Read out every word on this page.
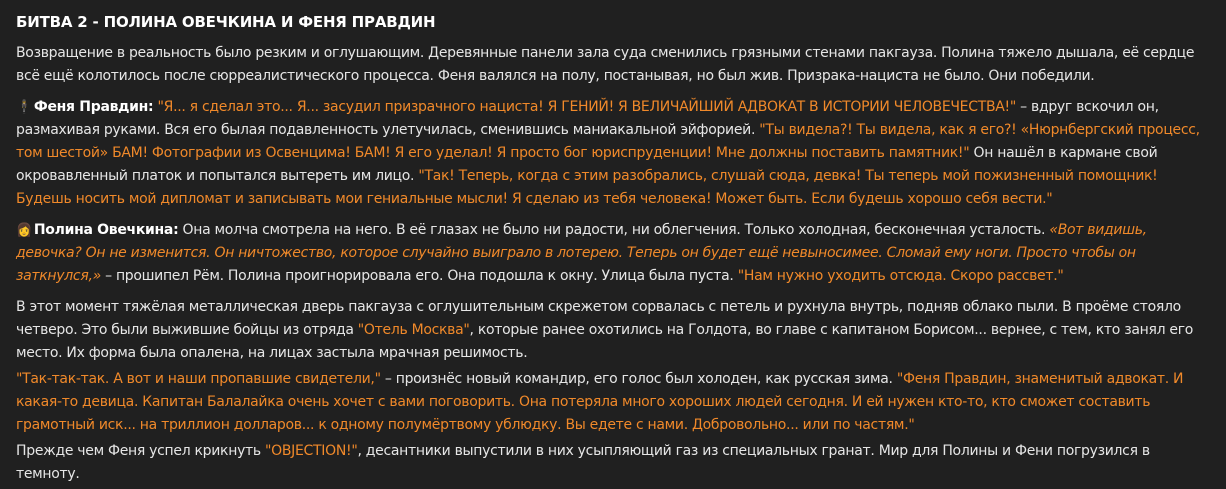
БИТВА 2 - ПОЛИНА ОВЕЧКИНА И ФЕНЯ ПРАВДИН

Возвращение в реальность было резким и оглушающим. Деревянные панели зала суда сменились грязными стенами пакгауза. Полина тяжело дышала, её сердце всё ещё колотилось после сюрреалистического процесса. Феня валялся на полу, постанывая, но был жив. Призрака-нациста не было. Они победили.

🕴 Феня Правдин: "Я... я сделал это... Я... засудил призрачного нациста! Я ГЕНИЙ! Я ВЕЛИЧАЙШИЙ АДВОКАТ В ИСТОРИИ ЧЕЛОВЕЧЕСТВА!" – вдруг вскочил он, размахивая руками. Вся его былая подавленность улетучилась, сменившись маниакальной эйфорией. "Ты видела?! Ты видела, как я его?! «Нюрнбергский процесс, том шестой» БАМ! Фотографии из Освенцима! БАМ! Я его уделал! Я просто бог юриспруденции! Мне должны поставить памятник!" Он нашёл в кармане свой окровавленный платок и попытался вытереть им лицо. "Так! Теперь, когда с этим разобрались, слушай сюда, девка! Ты теперь мой пожизненный помощник! Будешь носить мой дипломат и записывать мои гениальные мысли! Я сделаю из тебя человека! Может быть. Если будешь хорошо себя вести."

👩 Полина Овечкина: Она молча смотрела на него. В её глазах не было ни радости, ни облегчения. Только холодная, бесконечная усталость. «Вот видишь, девочка? Он не изменится. Он ничтожество, которое случайно выиграло в лотерею. Теперь он будет ещё невыносимее. Сломай ему ноги. Просто чтобы он заткнулся,» – прошипел Рём. Полина проигнорировала его. Она подошла к окну. Улица была пуста. "Нам нужно уходить отсюда. Скоро рассвет."

В этот момент тяжёлая металлическая дверь пакгауза с оглушительным скрежетом сорвалась с петель и рухнула внутрь, подняв облако пыли. В проёме стояло четверо. Это были выжившие бойцы из отряда "Отель Москва", которые ранее охотились на Голдота, во главе с капитаном Борисом... вернее, с тем, кто занял его место. Их форма была опалена, на лицах застыла мрачная решимость.

"Так-так-так. А вот и наши пропавшие свидетели," – произнёс новый командир, его голос был холоден, как русская зима. "Феня Правдин, знаменитый адвокат. И какая-то девица. Капитан Балалайка очень хочет с вами поговорить. Она потеряла много хороших людей сегодня. И ей нужен кто-то, кто сможет составить грамотный иск... на триллион долларов... к одному полумёртвому ублюдку. Вы едете с нами. Добровольно... или по частям."

Прежде чем Феня успел крикнуть "OBJECTION!", десантники выпустили в них усыпляющий газ из специальных гранат. Мир для Полины и Фени погрузился в темноту.
